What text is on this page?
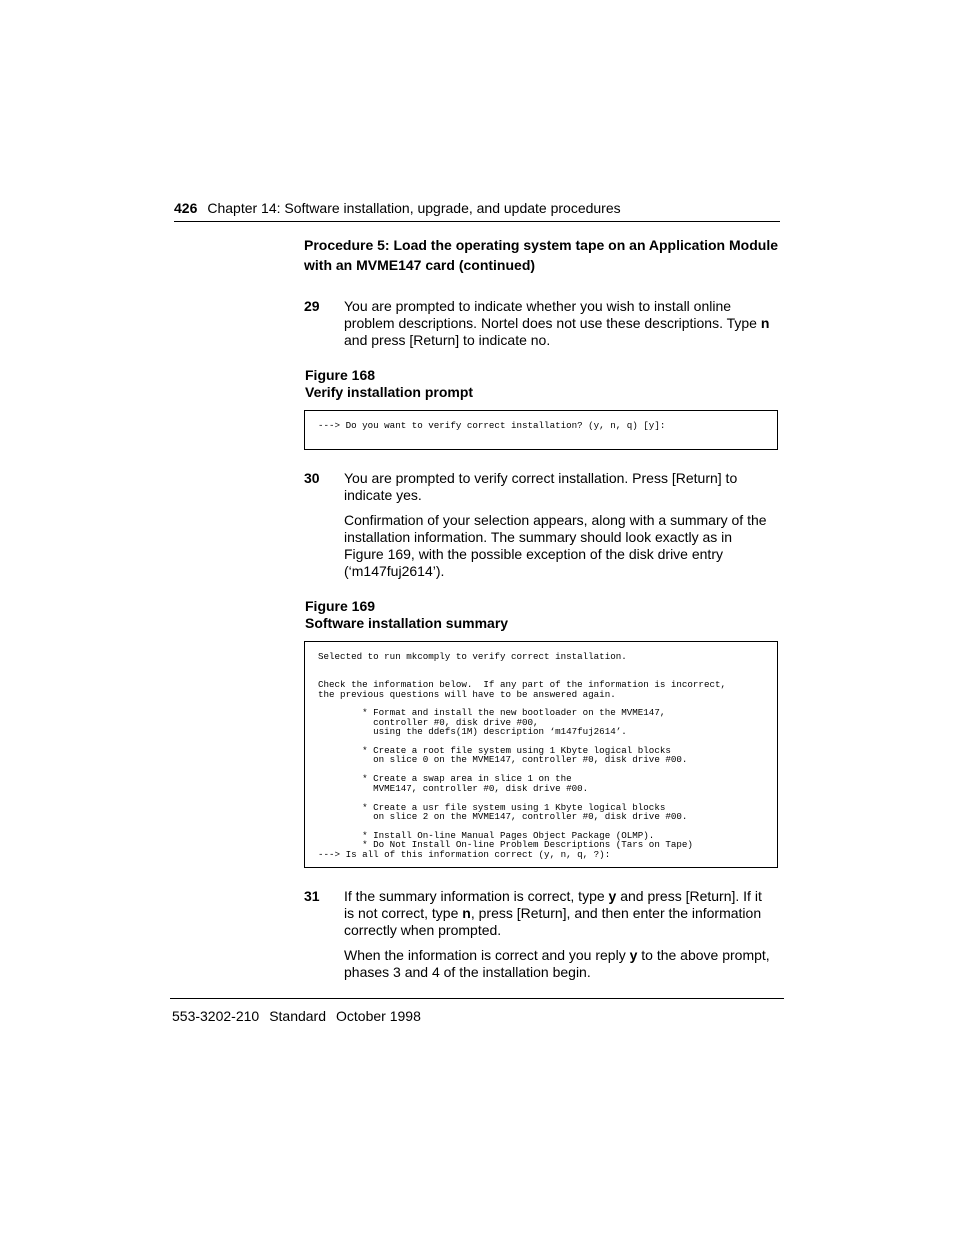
426 Chapter 14: Software installation, upgrade, and update procedures
Procedure 5: Load the operating system tape on an Application Module with an MVME147 card (continued)
29 You are prompted to indicate whether you wish to install online problem descriptions. Nortel does not use these descriptions. Type n and press [Return] to indicate no.
Figure 168
Verify installation prompt
---> Do you want to verify correct installation? (y, n, q) [y]:
30 You are prompted to verify correct installation. Press [Return] to indicate yes.
Confirmation of your selection appears, along with a summary of the installation information. The summary should look exactly as in Figure 169, with the possible exception of the disk drive entry (‘m147fuj2614’).
Figure 169
Software installation summary
Selected to run mkcomply to verify correct installation.

Check the information below.  If any part of the information is incorrect,
the previous questions will have to be answered again.

* Format and install the new bootloader on the MVME147,
controller #0, disk drive #00,
using the ddefs(1M) description ‘m147fuj2614’.

* Create a root file system using 1 Kbyte logical blocks
on slice 0 on the MVME147, controller #0, disk drive #00.

* Create a swap area in slice 1 on the
MVME147, controller #0, disk drive #00.

* Create a usr file system using 1 Kbyte logical blocks
on slice 2 on the MVME147, controller #0, disk drive #00.

* Install On-line Manual Pages Object Package (OLMP).
* Do Not Install On-line Problem Descriptions (Tars on Tape)
---> Is all of this information correct (y, n, q, ?):
31 If the summary information is correct, type y and press [Return]. If it is not correct, type n, press [Return], and then enter the information correctly when prompted.
When the information is correct and you reply y to the above prompt, phases 3 and 4 of the installation begin.
553-3202-210 Standard October 1998
